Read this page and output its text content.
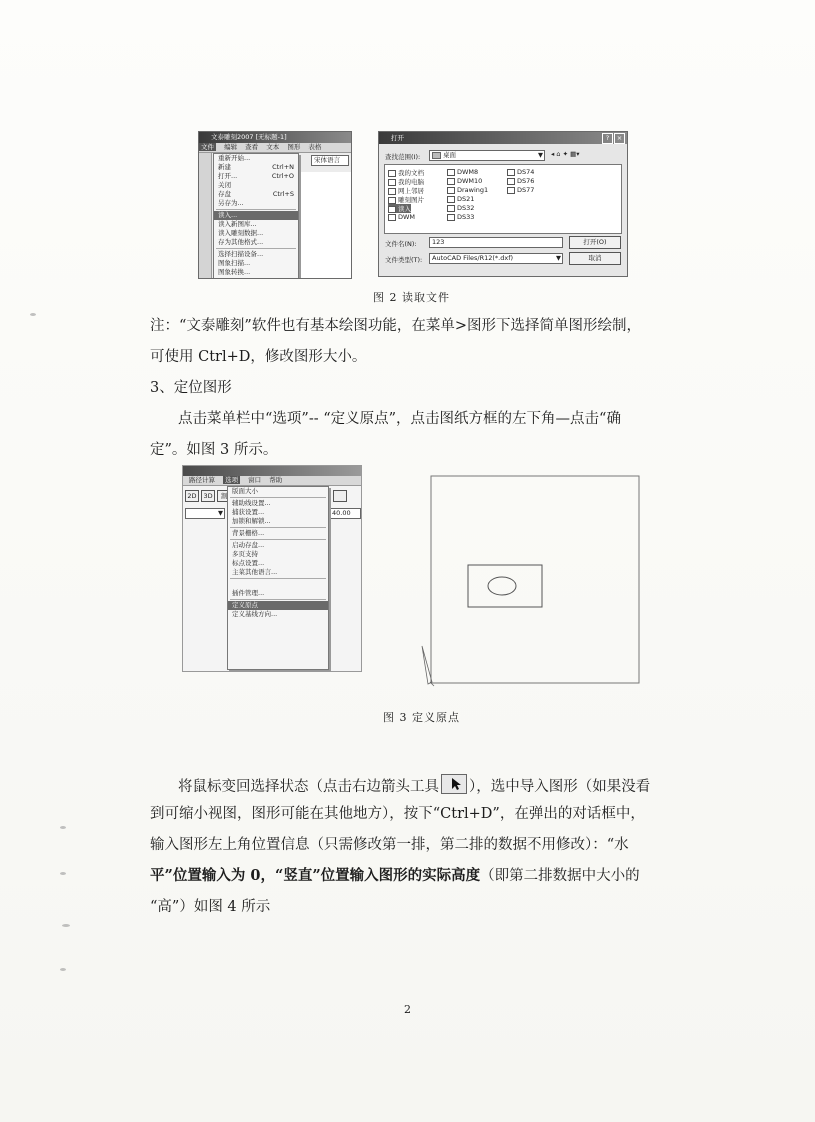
文泰雕刻2007 [无标题-1]
文件 编辑 查看 文本 图形 表格
宋体语言
重新开始...
新建	Ctrl+N
打开...	Ctrl+O
关闭
存盘	Ctrl+S
另存为...
读入...
读入新图库...
读入雕刻数据...
存为其他格式...
选择扫描设备...
图象扫描...
图象转换...
打开	?	×
查找范围(I):	桌面	▼ ◂ ⌂ ✦ ▦▾
我的文档
我的电脑
网上邻居
雕刻图片
读入
DWM
DWM8
DWM10
Drawing1
DS21
DS32
DS33
DS74
DS76
DS77
文件名(N):	123	打开(O)
文件类型(T):	AutoCAD Files/R12(*.dxf)	▼	取消
图 2 读取文件
注：“文泰雕刻”软件也有基本绘图功能，在菜单>图形下选择简单图形绘制，
可使用 Ctrl+D，修改图形大小。
3、定位图形
点击菜单栏中“选项”-- “定义原点”，点击图纸方框的左下角—点击“确
定”。如图 3 所示。
路径计算 选项 窗口 帮助
2D 3D 割
▼	40.00
版面大小
辅助线设置...
捕获设置...
加锁和解锁...
背景栅格...
启动存盘...
多页支持
标点设置...
主菜其他语言...
插件管理...
定义原点
定义基线方向...
图 3 定义原点
将鼠标变回选择状态（点击右边箭头工具 ），选中导入图形（如果没看
到可缩小视图，图形可能在其他地方），按下“Ctrl+D”，在弹出的对话框中，
输入图形左上角位置信息（只需修改第一排，第二排的数据不用修改）：“水
平”位置输入为 0，“竖直”位置输入图形的实际高度（即第二排数据中大小的
“高”）如图 4 所示
2
